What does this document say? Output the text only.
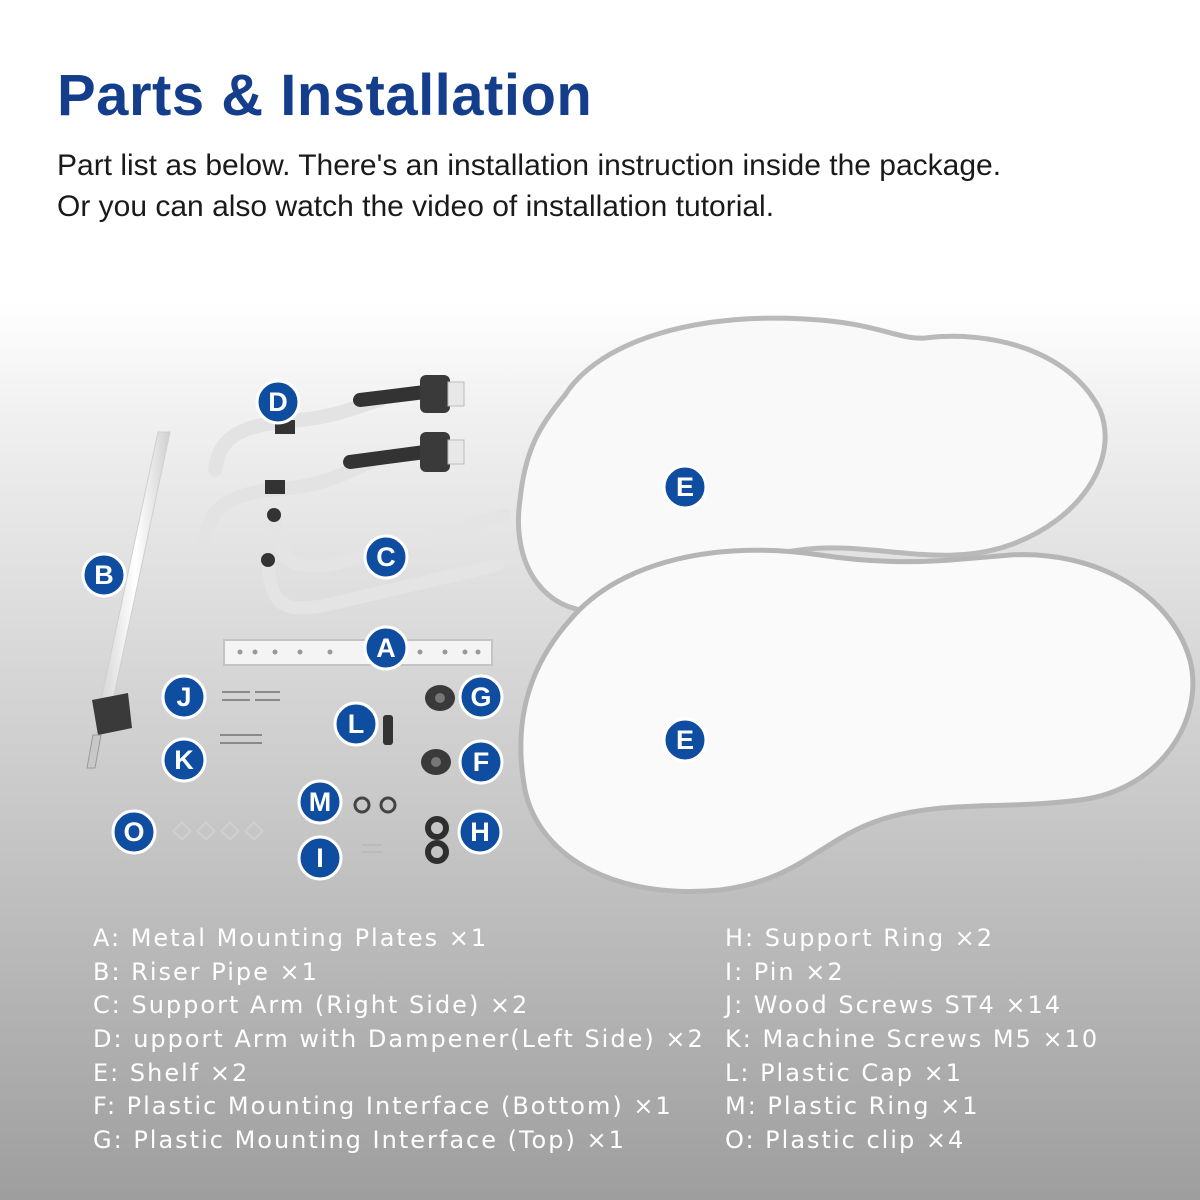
Parts & Installation
Part list as below. There's an installation instruction inside the package.
Or you can also watch the video of installation tutorial.
A
B
C
D
E
E
F
G
H
I
J
K
L
M
O
A: Metal Mounting Plates ×1
B: Riser Pipe ×1
C: Support Arm (Right Side) ×2
D: upport Arm with Dampener(Left Side) ×2
E: Shelf ×2
F: Plastic Mounting Interface (Bottom) ×1
G: Plastic Mounting Interface (Top) ×1
H: Support Ring ×2
I: Pin ×2
J: Wood Screws ST4 ×14
K: Machine Screws M5 ×10
L: Plastic Cap ×1
M: Plastic Ring ×1
O: Plastic clip ×4
